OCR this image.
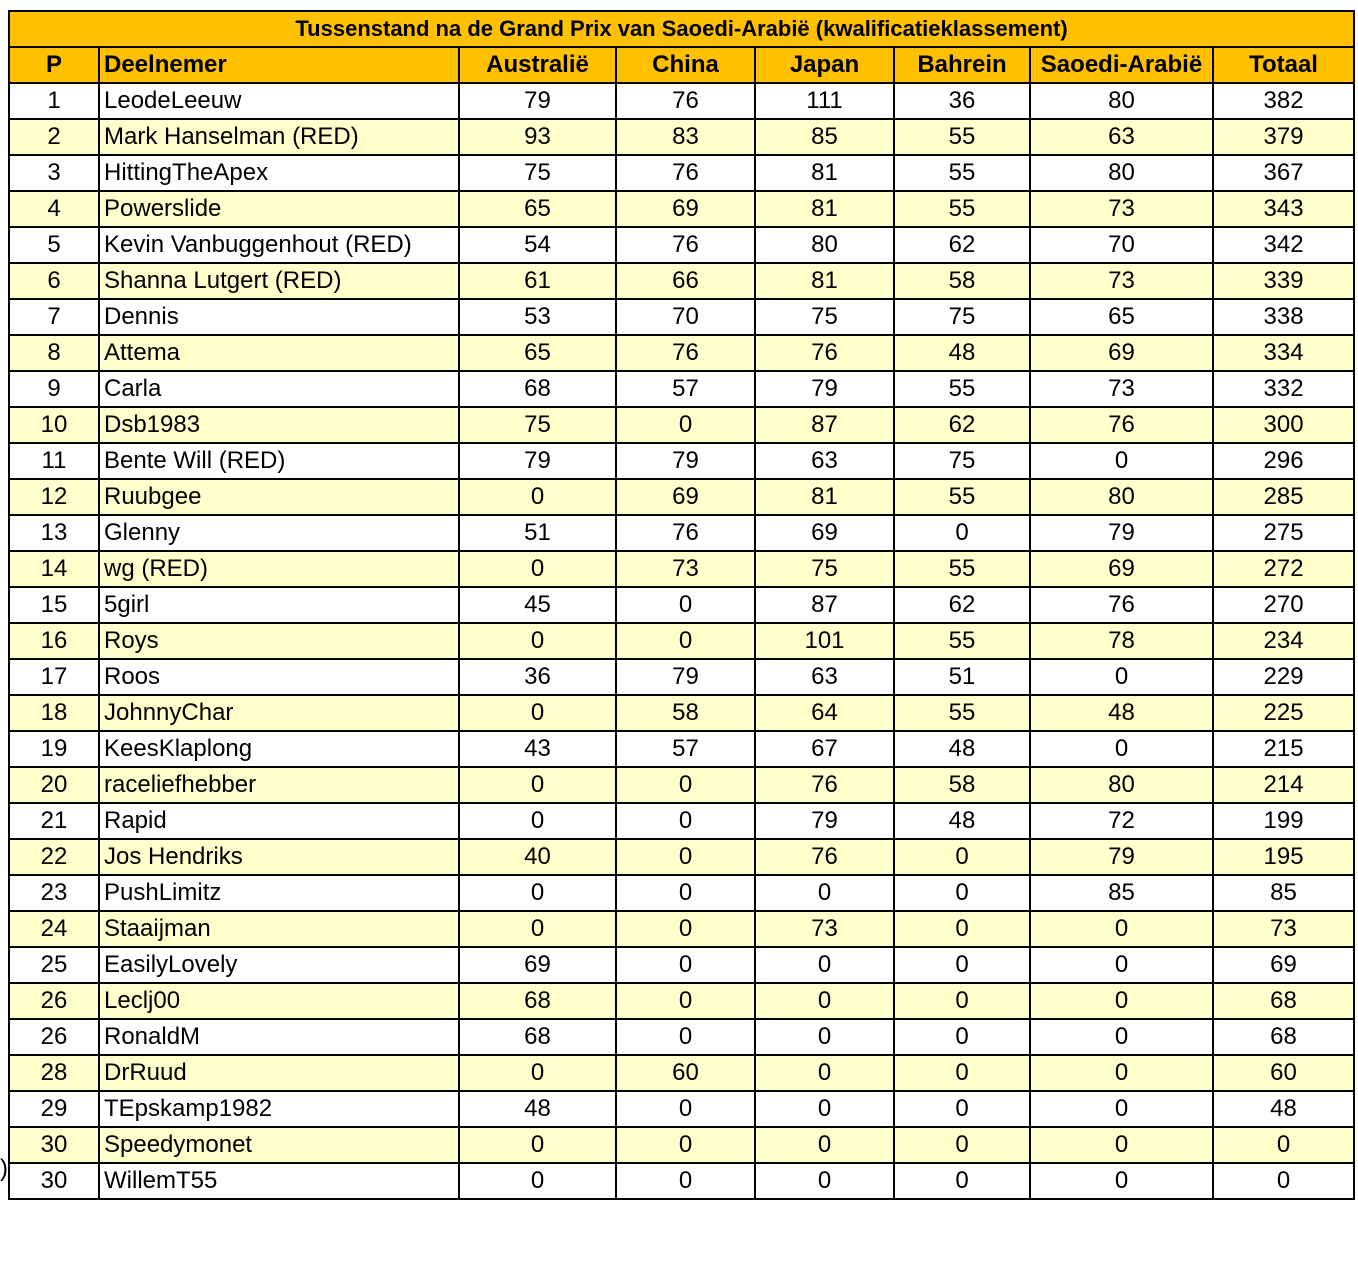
)
Tussenstand na de Grand Prix van Saoedi-Arabië (kwalificatieklassement)							
P	Deelnemer	Australië	China	Japan	Bahrein	Saoedi-Arabië	Totaal
1	LeodeLeeuw	79	76	111	36	80	382
2	Mark Hanselman (RED)	93	83	85	55	63	379
3	HittingTheApex	75	76	81	55	80	367
4	Powerslide	65	69	81	55	73	343
5	Kevin Vanbuggenhout (RED)	54	76	80	62	70	342
6	Shanna Lutgert (RED)	61	66	81	58	73	339
7	Dennis	53	70	75	75	65	338
8	Attema	65	76	76	48	69	334
9	Carla	68	57	79	55	73	332
10	Dsb1983	75	0	87	62	76	300
11	Bente Will (RED)	79	79	63	75	0	296
12	Ruubgee	0	69	81	55	80	285
13	Glenny	51	76	69	0	79	275
14	wg (RED)	0	73	75	55	69	272
15	5girl	45	0	87	62	76	270
16	Roys	0	0	101	55	78	234
17	Roos	36	79	63	51	0	229
18	JohnnyChar	0	58	64	55	48	225
19	KeesKlaplong	43	57	67	48	0	215
20	raceliefhebber	0	0	76	58	80	214
21	Rapid	0	0	79	48	72	199
22	Jos Hendriks	40	0	76	0	79	195
23	PushLimitz	0	0	0	0	85	85
24	Staaijman	0	0	73	0	0	73
25	EasilyLovely	69	0	0	0	0	69
26	Leclj00	68	0	0	0	0	68
26	RonaldM	68	0	0	0	0	68
28	DrRuud	0	60	0	0	0	60
29	TEpskamp1982	48	0	0	0	0	48
30	Speedymonet	0	0	0	0	0	0
30	WillemT55	0	0	0	0	0	0
